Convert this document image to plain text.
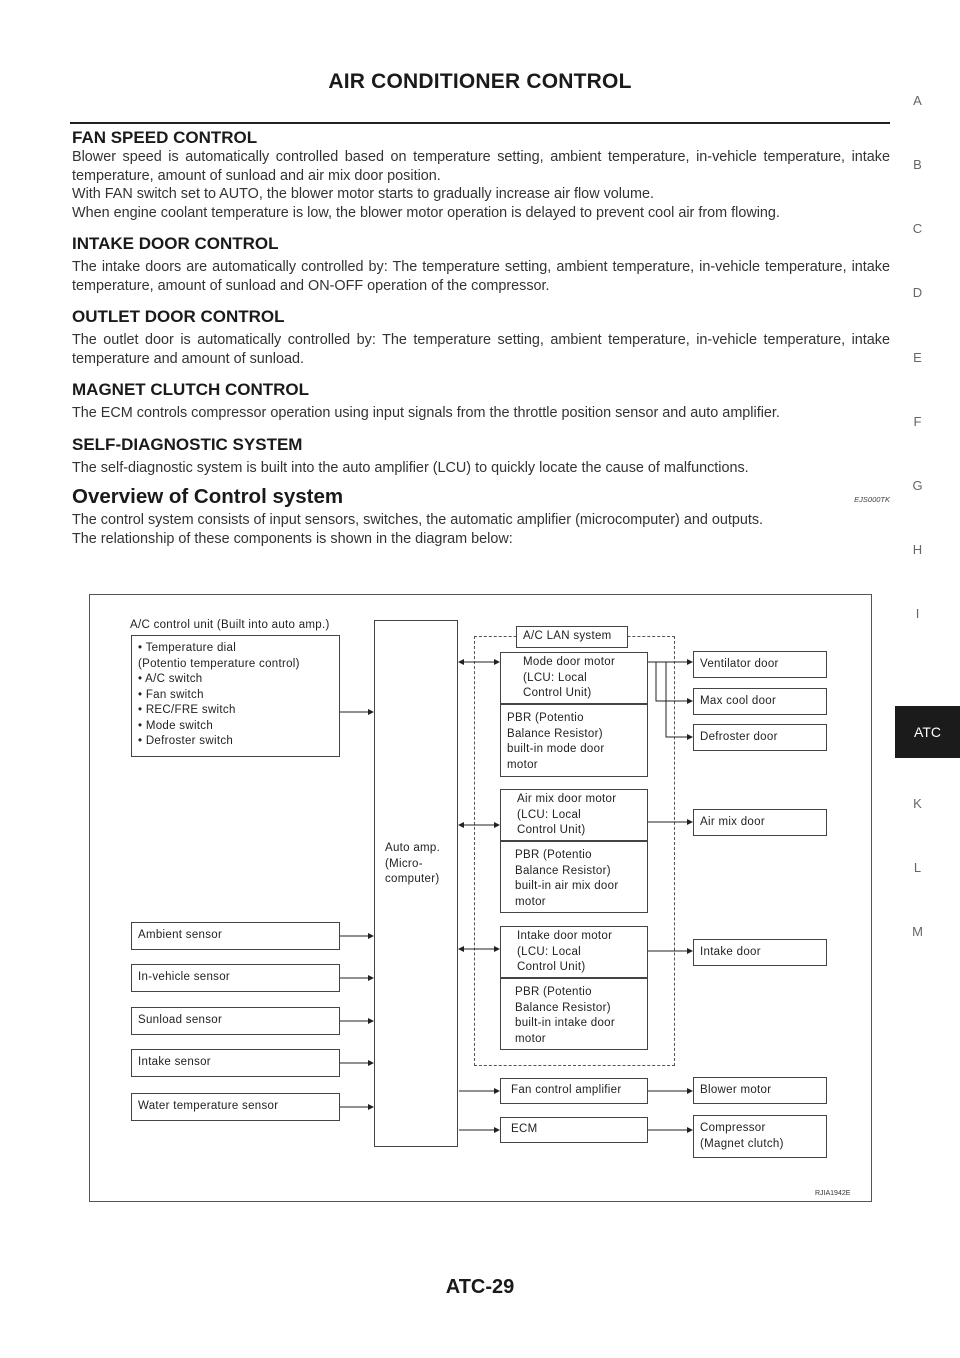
AIR CONDITIONER CONTROL
FAN SPEED CONTROL

Blower speed is automatically controlled based on temperature setting, ambient temperature, in-vehicle temperature, intake temperature, amount of sunload and air mix door position.

With FAN switch set to AUTO, the blower motor starts to gradually increase air flow volume.

When engine coolant temperature is low, the blower motor operation is delayed to prevent cool air from flowing.

INTAKE DOOR CONTROL

The intake doors are automatically controlled by: The temperature setting, ambient temperature, in-vehicle temperature, intake temperature, amount of sunload and ON-OFF operation of the compressor.

OUTLET DOOR CONTROL

The outlet door is automatically controlled by: The temperature setting, ambient temperature, in-vehicle temperature, intake temperature and amount of sunload.

MAGNET CLUTCH CONTROL

The ECM controls compressor operation using input signals from the throttle position sensor and auto amplifier.

SELF-DIAGNOSTIC SYSTEM

The self-diagnostic system is built into the auto amplifier (LCU) to quickly locate the cause of malfunctions.

Overview of Control system	EJS000TK

The control system consists of input sensors, switches, the automatic amplifier (microcomputer) and outputs.

The relationship of these components is shown in the diagram below:

A
B
C
D
E
F
G
H
I
ATC
K
L
M
A/C control unit (Built into auto amp.)
• Temperature dial
(Potentio temperature control)
• A/C switch
• Fan switch
• REC/FRE switch
• Mode switch
• Defroster switch
Ambient sensor
In-vehicle sensor
Sunload sensor
Intake sensor
Water temperature sensor
Auto amp.
(Micro-
computer)
A/C LAN system
Mode door motor
(LCU: Local
Control Unit)
PBR (Potentio
Balance Resistor)
built-in mode door
motor
Air mix door motor
(LCU: Local
Control Unit)
PBR (Potentio
Balance Resistor)
built-in air mix door
motor
Intake door motor
(LCU: Local
Control Unit)
PBR (Potentio
Balance Resistor)
built-in intake door
motor
Fan control amplifier
ECM
Ventilator door
Max cool door
Defroster door
Air mix door
Intake door
Blower motor
Compressor
(Magnet clutch)
RJIA1942E
ATC-29
